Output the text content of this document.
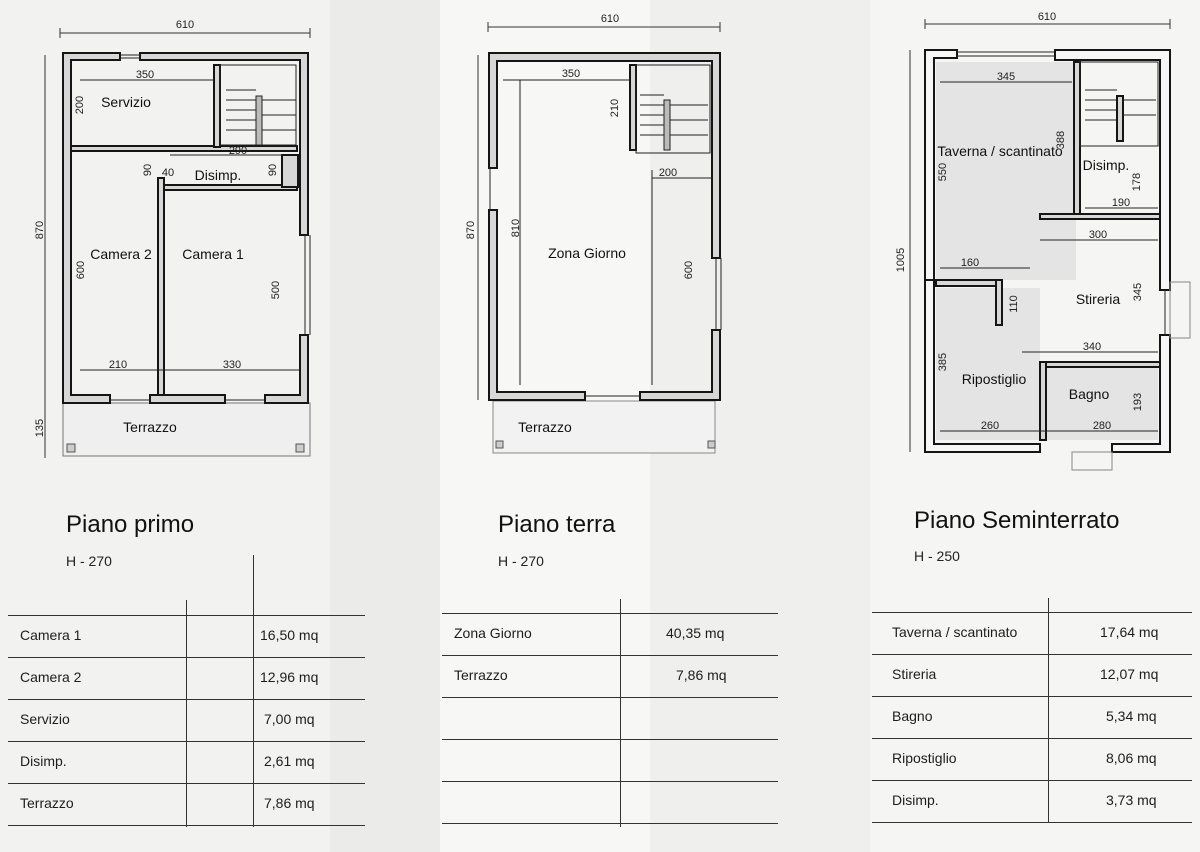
610
870
135
350
200
290
90 40	90
600
500
210	330
Servizio
Disimp.
Camera 2 Camera 1
Terrazzo
610
870
350
210
200
810
600
Zona Giorno
Terrazzo
610
1005
345
388
550
178
190
300
160
110
345
340
385
193
260	280
Taverna / scantinato
Disimp.
Stireria
Ripostiglio
Bagno
Piano primo
H - 270
Piano terra
H - 270
Piano Seminterrato
H - 250
Camera 1	16,50 mq
Camera 2	12,96 mq
Servizio	7,00 mq
Disimp.	2,61 mq
Terrazzo	7,86 mq
Zona Giorno	40,35 mq
Terrazzo	7,86 mq
Taverna / scantinato	17,64 mq
Stireria	12,07 mq
Bagno	5,34 mq
Ripostiglio	8,06 mq
Disimp.	3,73 mq
